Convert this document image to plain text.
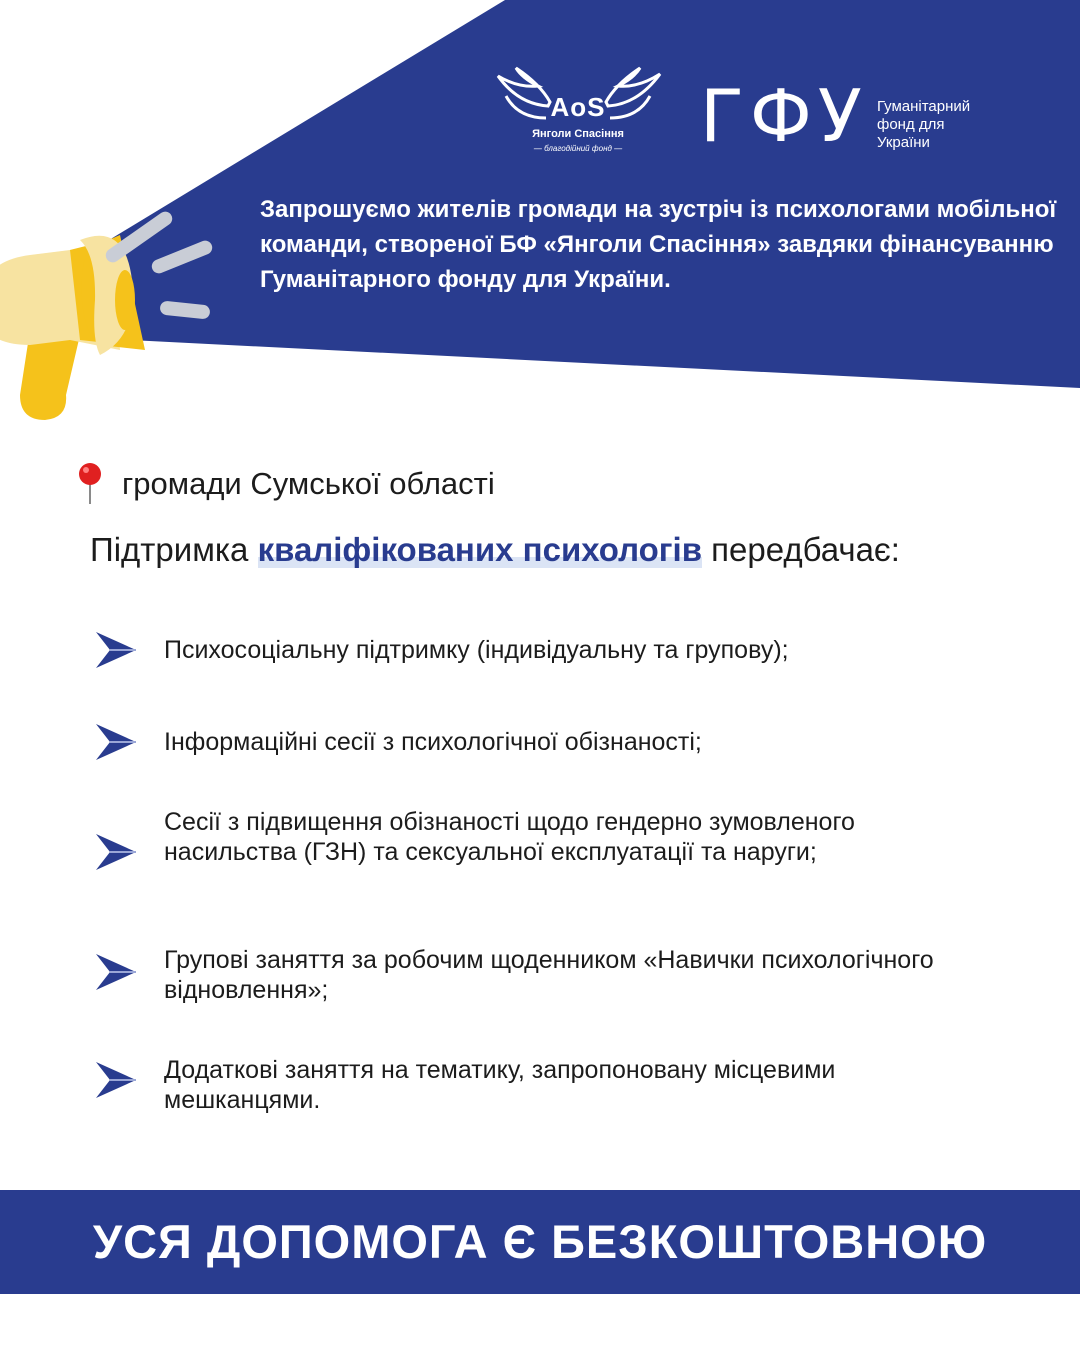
AoS
Янголи Спасіння
— благодійний фонд —	ГФУ Гуманітарний
фонд для
України
Запрошуємо жителів громади на зустріч із психологами мобільної команди, створеної БФ «Янголи Спасіння» завдяки фінансуванню Гуманітарного фонду для України.
громади Сумської області
Підтримка кваліфікованих психологів передбачає:
Психосоціальну підтримку (індивідуальну та групову);
Інформаційні сесії з психологічної обізнаності;
Сесії з підвищення обізнаності щодо гендерно зумовленого насильства (ГЗН) та сексуальної експлуатації та наруги;
Групові заняття за робочим щоденником «Навички психологічного відновлення»;
Додаткові заняття на тематику, запропоновану місцевими мешканцями.
УСЯ ДОПОМОГА Є БЕЗКОШТОВНОЮ
